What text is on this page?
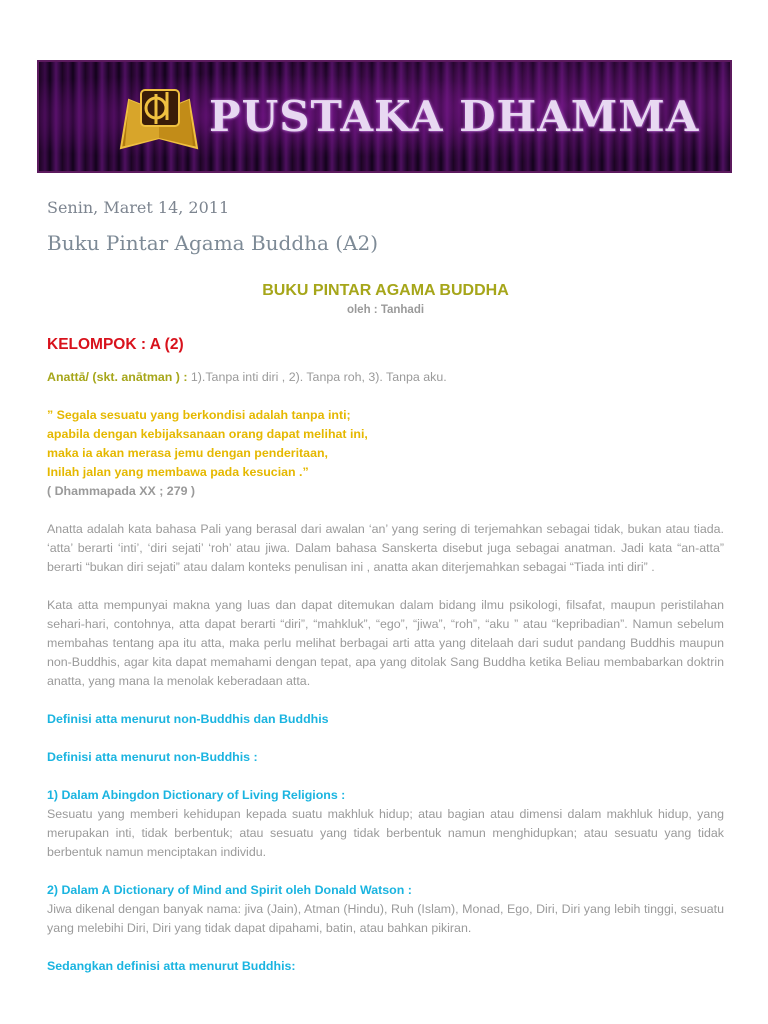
PUSTAKA DHAMMA
Senin, Maret 14, 2011
Buku Pintar Agama Buddha (A2)
BUKU PINTAR AGAMA BUDDHA
oleh : Tanhadi
KELOMPOK : A (2)

Anattā/ (skt. anātman ) : 1).Tanpa inti diri , 2). Tanpa roh, 3). Tanpa aku.

” Segala sesuatu yang berkondisi adalah tanpa inti;
apabila dengan kebijaksanaan orang dapat melihat ini,
maka ia akan merasa jemu dengan penderitaan,
Inilah jalan yang membawa pada kesucian .”
( Dhammapada XX ; 279 )

Anatta adalah kata bahasa Pali yang berasal dari awalan ‘an’ yang sering di terjemahkan sebagai tidak, bukan atau tiada. ‘atta’ berarti ‘inti’, ‘diri sejati’ ‘roh’ atau jiwa. Dalam bahasa Sanskerta disebut juga sebagai anatman. Jadi kata “an-atta” berarti “bukan diri sejati” atau dalam konteks penulisan ini , anatta akan diterjemahkan sebagai “Tiada inti diri” .

Kata atta mempunyai makna yang luas dan dapat ditemukan dalam bidang ilmu psikologi, filsafat, maupun peristilahan sehari-hari, contohnya, atta dapat berarti “diri”, “mahkluk”, “ego”, “jiwa”, “roh”, “aku ” atau “kepribadian”. Namun sebelum membahas tentang apa itu atta, maka perlu melihat berbagai arti atta yang ditelaah dari sudut pandang Buddhis maupun non-Buddhis, agar kita dapat memahami dengan tepat, apa yang ditolak Sang Buddha ketika Beliau membabarkan doktrin anatta, yang mana Ia menolak keberadaan atta.

Definisi atta menurut non-Buddhis dan Buddhis

Definisi atta menurut non-Buddhis :

1) Dalam Abingdon Dictionary of Living Religions :

Sesuatu yang memberi kehidupan kepada suatu makhluk hidup; atau bagian atau dimensi dalam makhluk hidup, yang merupakan inti, tidak berbentuk; atau sesuatu yang tidak berbentuk namun menghidupkan; atau sesuatu yang tidak berbentuk namun menciptakan individu.

2) Dalam A Dictionary of Mind and Spirit oleh Donald Watson :

Jiwa dikenal dengan banyak nama: jiva (Jain), Atman (Hindu), Ruh (Islam), Monad, Ego, Diri, Diri yang lebih tinggi, sesuatu yang melebihi Diri, Diri yang tidak dapat dipahami, batin, atau bahkan pikiran.

Sedangkan definisi atta menurut Buddhis:
